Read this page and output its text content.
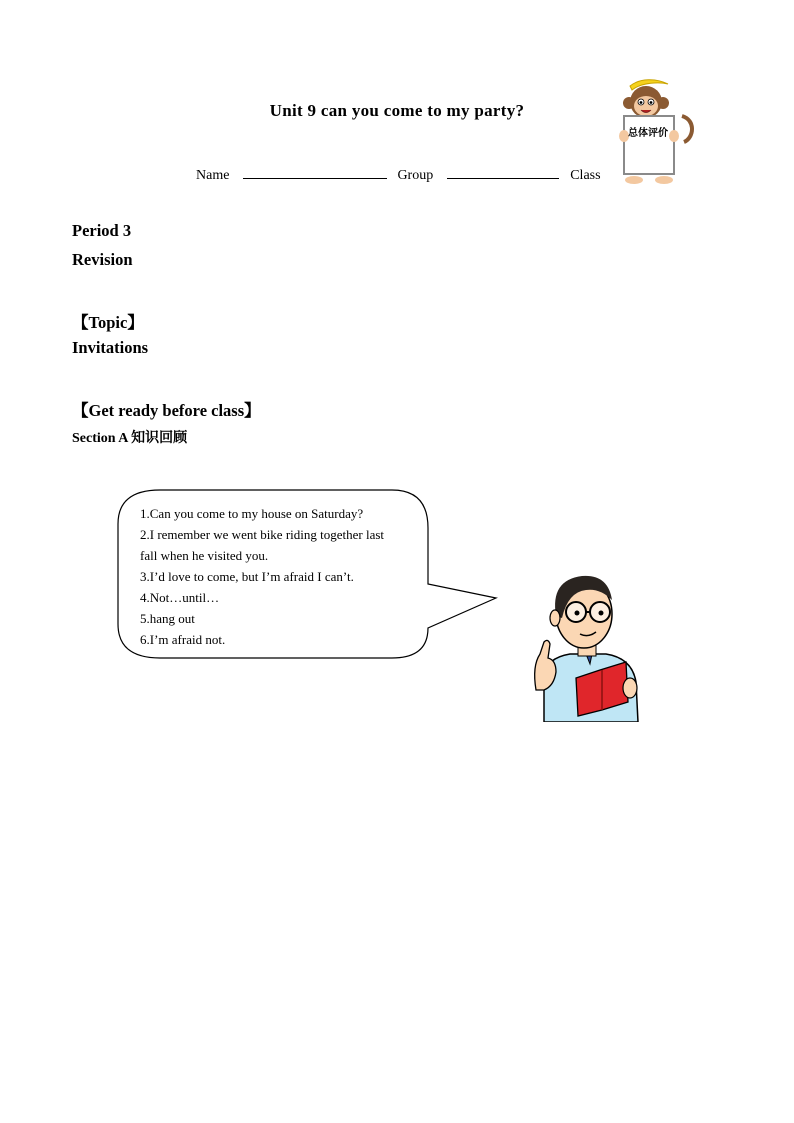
Unit 9 can you come to my party?
总体评价
Name	Group	Class
Period 3
Revision
【Topic】
Invitations
【Get ready before class】
Section A 知识回顾
1.Can you come to my house on Saturday?
2.I remember we went bike riding together last
fall when he visited you.
3.I’d love to come, but I’m afraid I can’t.
4.Not…until…
5.hang out
6.I’m afraid not.
